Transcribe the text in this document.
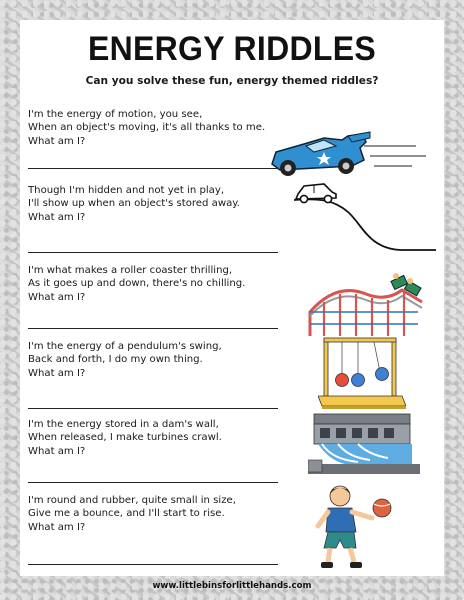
ENERGY RIDDLES

Can you solve these fun, energy themed riddles?

I'm the energy of motion, you see,
When an object's moving, it's all thanks to me.
What am I?
Though I'm hidden and not yet in play,
I'll show up when an object's stored away.
What am I?
I'm what makes a roller coaster thrilling,
As it goes up and down, there's no chilling.
What am I?
I'm the energy of a pendulum's swing,
Back and forth, I do my own thing.
What am I?
I'm the energy stored in a dam's wall,
When released, I make turbines crawl.
What am I?
I'm round and rubber, quite small in size,
Give me a bounce, and I'll start to rise.
What am I?
www.littlebinsforlittlehands.com
